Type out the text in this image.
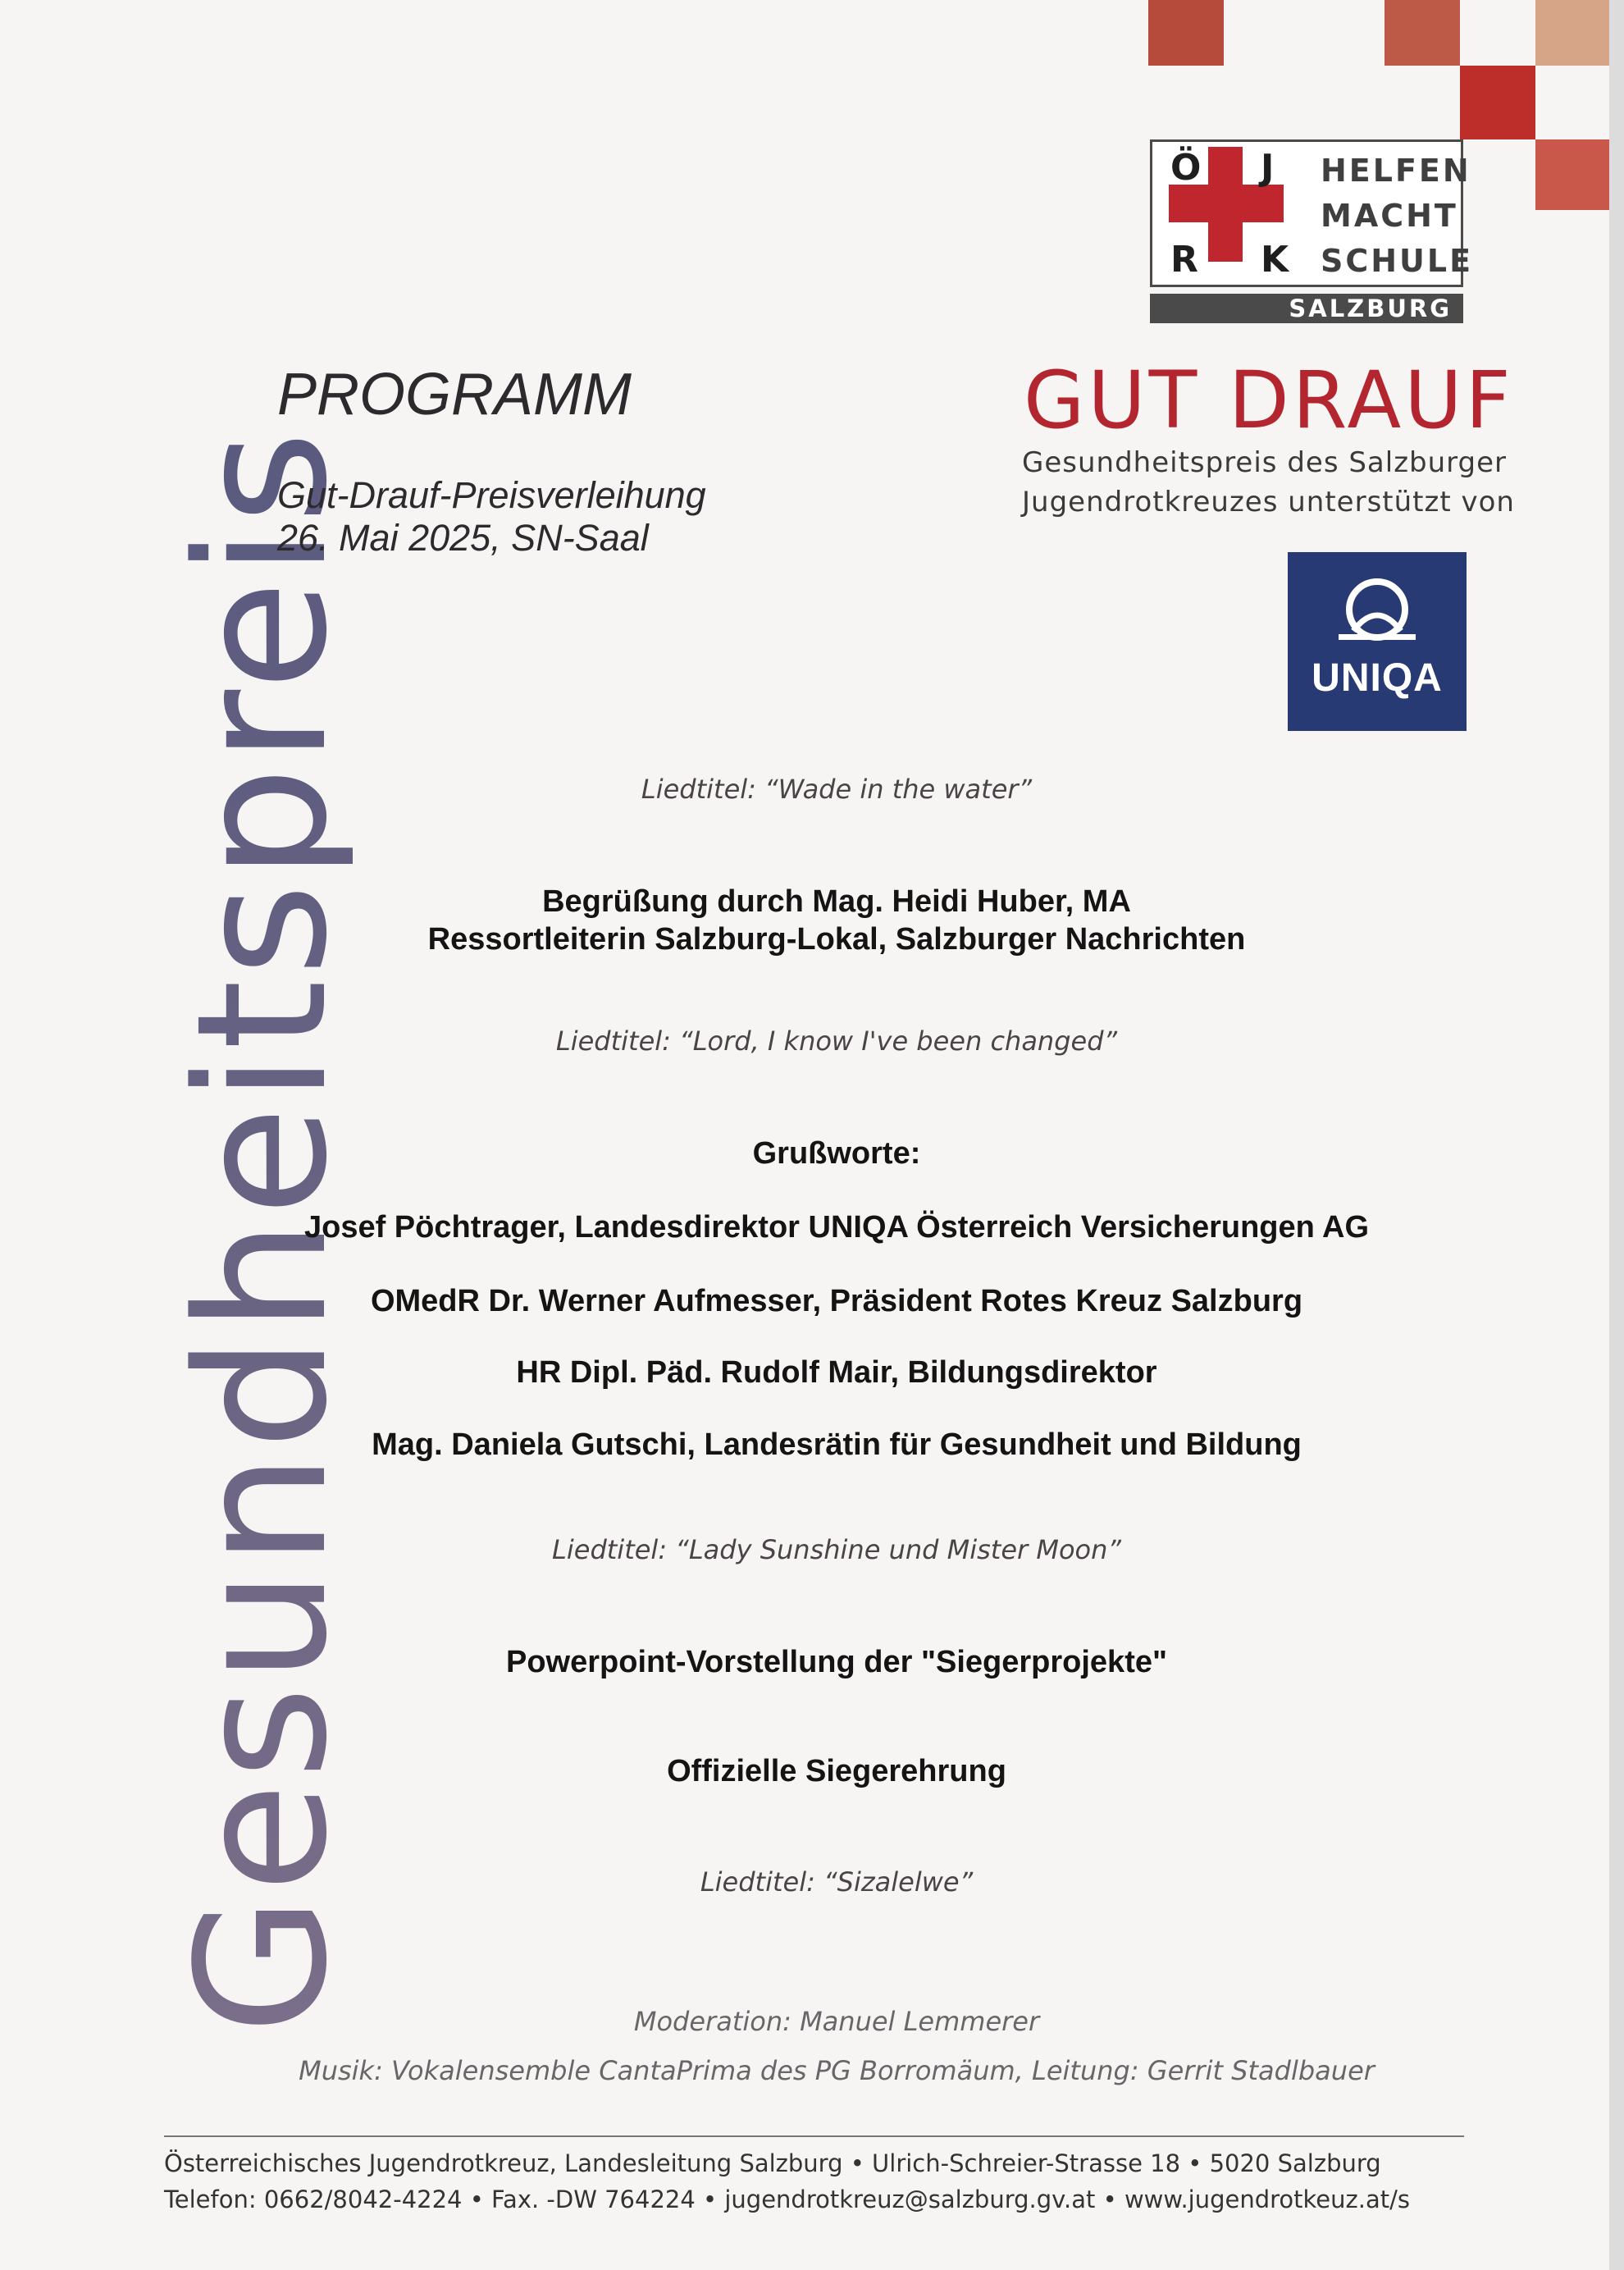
Gesundheitspreis
PROGRAMM
Gut-Drauf-Preisverleihung
26. Mai 2025, SN-Saal
Ö J
R K
HELFEN
MACHT
SCHULE
SALZBURG
GUT DRAUF
Gesundheitspreis des Salzburger
Jugendrotkreuzes unterstützt von
UNIQA
Liedtitel: “Wade in the water”
Begrüßung durch Mag. Heidi Huber, MA
Ressortleiterin Salzburg-Lokal, Salzburger Nachrichten
Liedtitel: “Lord, I know I've been changed”
Grußworte:
Josef Pöchtrager, Landesdirektor UNIQA Österreich Versicherungen AG
OMedR Dr. Werner Aufmesser, Präsident Rotes Kreuz Salzburg
HR Dipl. Päd. Rudolf Mair, Bildungsdirektor
Mag. Daniela Gutschi, Landesrätin für Gesundheit und Bildung
Liedtitel: “Lady Sunshine und Mister Moon”
Powerpoint-Vorstellung der "Siegerprojekte"
Offizielle Siegerehrung
Liedtitel: “Sizalelwe”
Moderation: Manuel Lemmerer
Musik: Vokalensemble CantaPrima des PG Borromäum, Leitung: Gerrit Stadlbauer
Österreichisches Jugendrotkreuz, Landesleitung Salzburg • Ulrich-Schreier-Strasse 18 • 5020 Salzburg
Telefon: 0662/8042-4224 • Fax. -DW 764224 • jugendrotkreuz@salzburg.gv.at • www.jugendrotkeuz.at/s
